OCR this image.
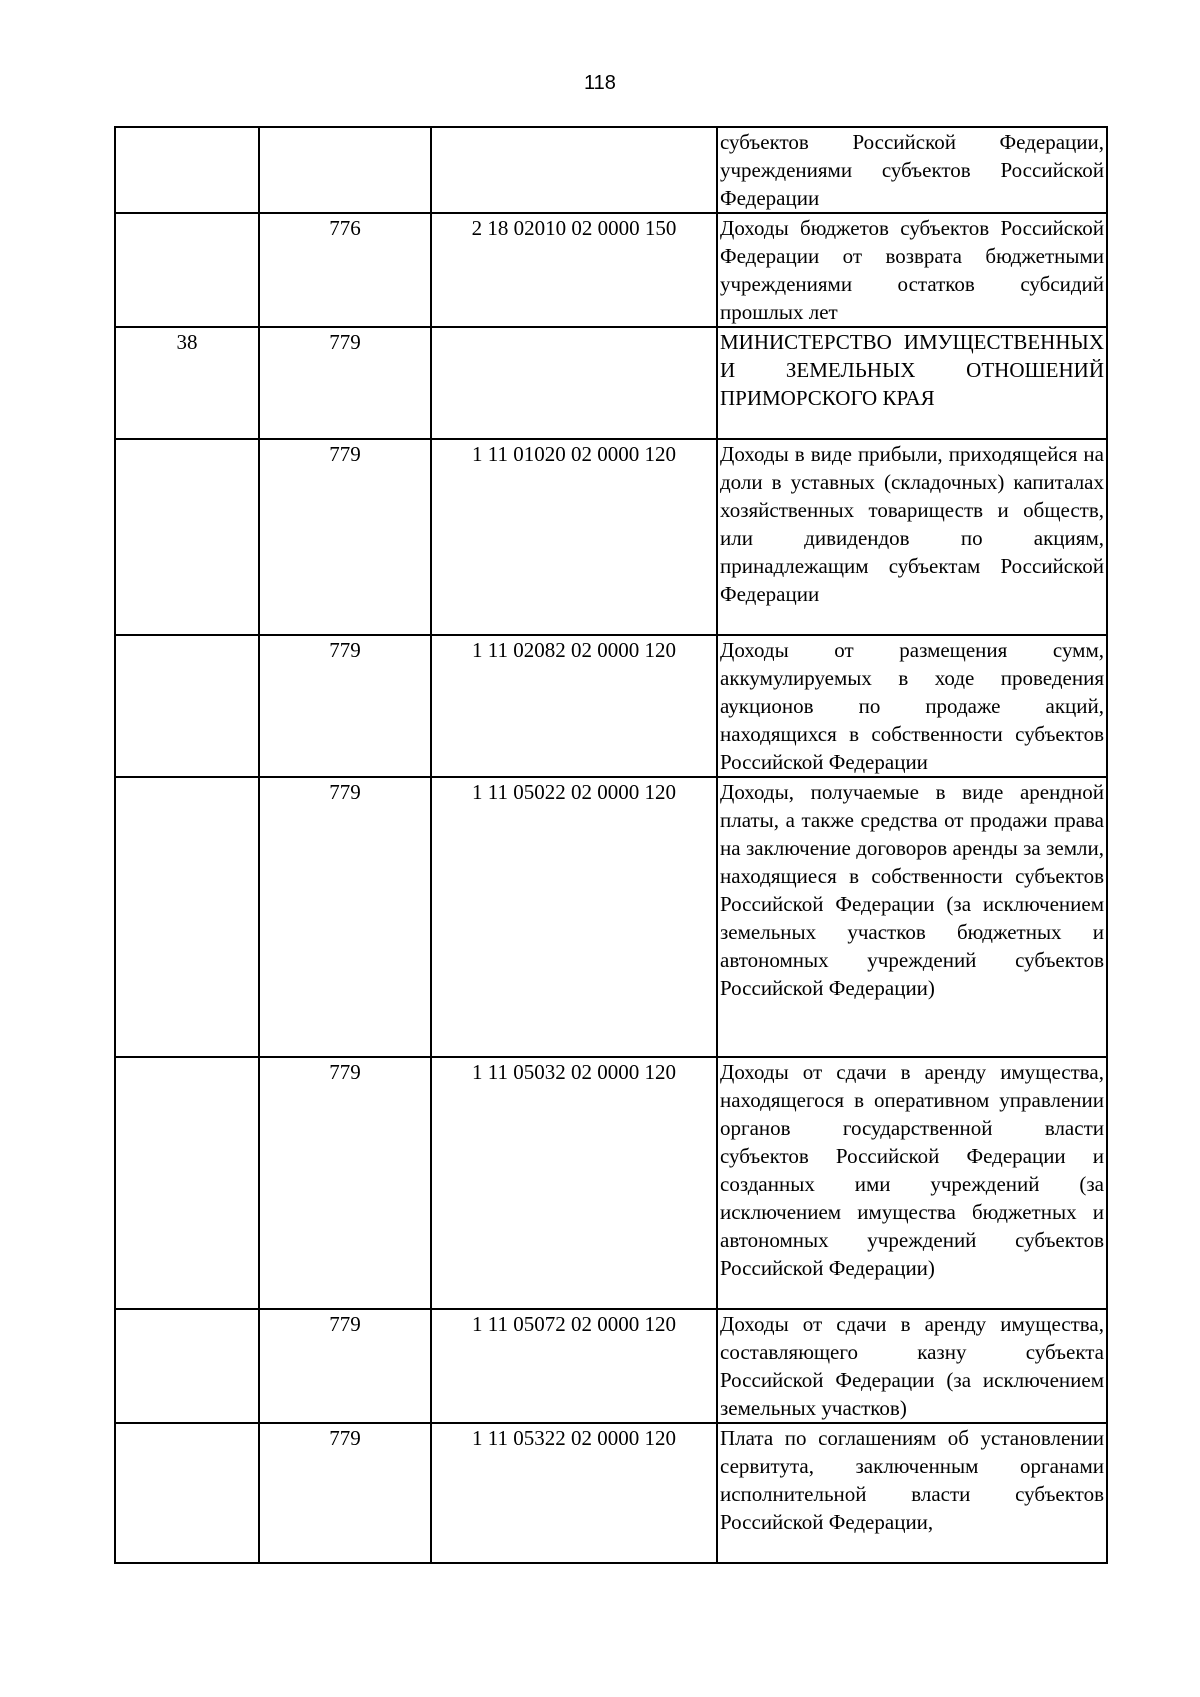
118
			субъектов Российской Федерации, учреждениями субъектов Российской Федерации
	776	2 18 02010 02 0000 150	Доходы бюджетов субъектов Российской Федерации от возврата бюджетными учреждениями остатков субсидий прошлых лет
38	779		МИНИСТЕРСТВО ИМУЩЕСТВЕННЫХ И ЗЕМЕЛЬНЫХ ОТНОШЕНИЙ ПРИМОРСКОГО КРАЯ
	779	1 11 01020 02 0000 120	Доходы в виде прибыли, приходящейся на доли в уставных (складочных) капиталах хозяйственных товариществ и обществ, или дивидендов по акциям, принадлежащим субъектам Российской Федерации
	779	1 11 02082 02 0000 120	Доходы от размещения сумм, аккумулируемых в ходе проведения аукционов по продаже акций, находящихся в собственности субъектов Российской Федерации
	779	1 11 05022 02 0000 120	Доходы, получаемые в виде арендной платы, а также средства от продажи права на заключение договоров аренды за земли, находящиеся в собственности субъектов Российской Федерации (за исключением земельных участков бюджетных и автономных учреждений субъектов Российской Федерации)
	779	1 11 05032 02 0000 120	Доходы от сдачи в аренду имущества, находящегося в оперативном управлении органов государственной власти субъектов Российской Федерации и созданных ими учреждений (за исключением имущества бюджетных и автономных учреждений субъектов Российской Федерации)
	779	1 11 05072 02 0000 120	Доходы от сдачи в аренду имущества, составляющего казну субъекта Российской Федерации (за исключением земельных участков)
	779	1 11 05322 02 0000 120	Плата по соглашениям об установлении сервитута, заключенным органами исполнительной власти субъектов Российской Федерации,
